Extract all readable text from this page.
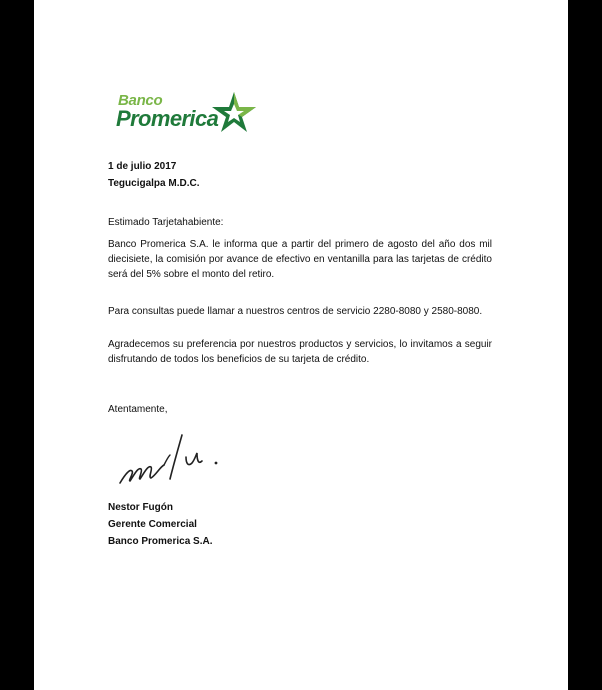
Banco
Promerica
1 de julio 2017
Tegucigalpa M.D.C.
Estimado Tarjetahabiente:
Banco Promerica S.A. le informa que a partir del primero de agosto del año dos mil diecisiete, la comisión por avance de efectivo en ventanilla para las tarjetas de crédito será del 5% sobre el monto del retiro.
Para consultas puede llamar a nuestros centros de servicio 2280-8080 y 2580-8080.
Agradecemos su preferencia por nuestros productos y servicios, lo invitamos a seguir disfrutando de todos los beneficios de su tarjeta de crédito.
Atentamente,
Nestor Fugón
Gerente Comercial
Banco Promerica S.A.
